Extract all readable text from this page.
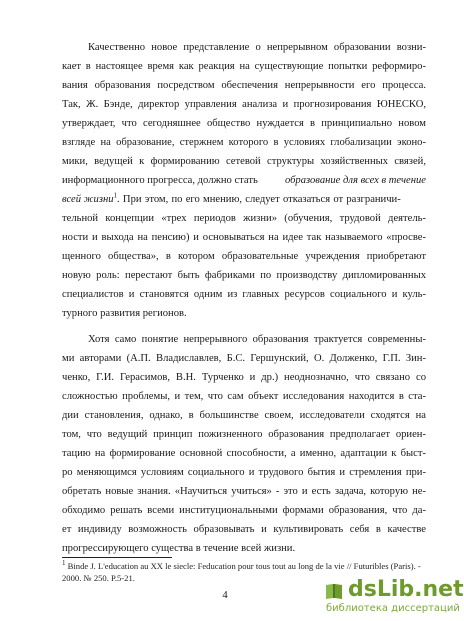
Качественно новое представление о непрерывном образовании возни-
кает в настоящее время как реакция на существующие попытки реформиро-
вания образования посредством обеспечения непрерывности его процесса.
Так, Ж. Бэнде, директор управления анализа и прогнозирования ЮНЕСКО,
утверждает, что сегодняшнее общество нуждается в принципиально новом
взгляде на образование, стержнем которого в условиях глобализации эконо-
мики, ведущей к формированию сетевой структуры хозяйственных связей,
информационного прогресса, должно стать	образование для всех в течение
всей жизни$^1$. При этом, по его мнению, следует отказаться от разграничи-
тельной концепции «трех периодов жизни» (обучения, трудовой деятель-
ности и выхода на пенсию) и основываться на идее так называемого «просве-
щенного общества», в котором образовательные учреждения приобретают
новую роль: перестают быть фабриками по производству дипломированных
специалистов и становятся одним из главных ресурсов социального и куль-
турного развития регионов.
Хотя само понятие непрерывного образования трактуется современны-
ми авторами (А.П. Владиславлев, Б.С. Гершунский, О. Долженко, Г.П. Зин-
ченко, Г.И. Герасимов, В.Н. Турченко и др.) неоднозначно, что связано со
сложностью проблемы, и тем, что сам объект исследования находится в ста-
дии становления, однако, в большинстве своем, исследователи сходятся на
том, что ведущий принцип пожизненного образования предполагает ориен-
тацию на формирование основной способности, а именно, адаптации к быст-
ро меняющимся условиям социального и трудового бытия и стремления при-
обретать новые знания. «Научиться учиться» - это и есть задача, которую не-
обходимо решать всеми институциональными формами образования, что да-
ет индивиду возможность образовывать и культивировать себя в качестве
прогрессирующего существа в течение всей жизни.
$^1$ Binde J. L'education au XX le siecle: Feducation pour tous tout au long de la vie // Futuribles (Paris). -
2000. № 250. P.5-21.
4	dsLib.net
библиотека диссертаций
